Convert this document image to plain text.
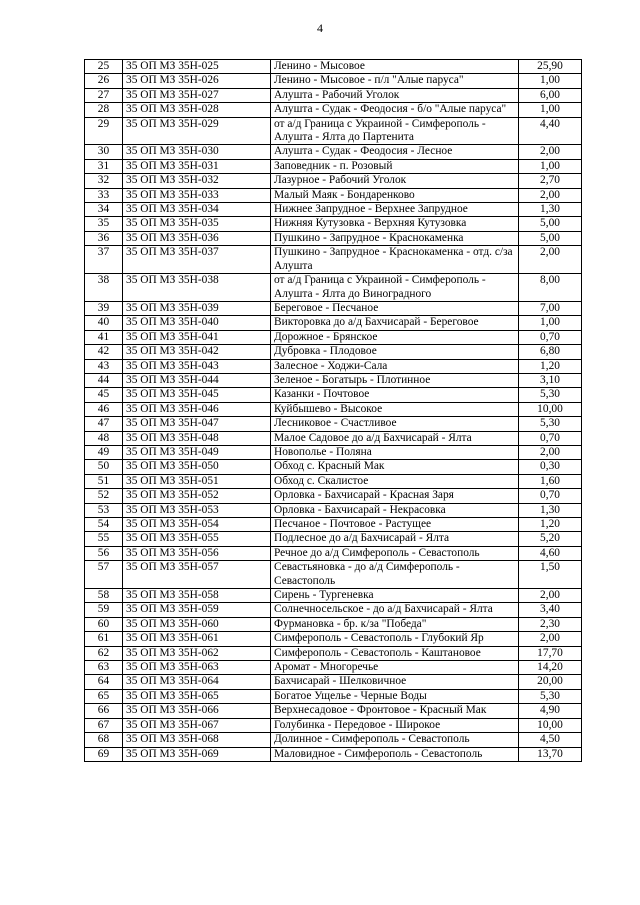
4
25	35 ОП МЗ 35Н-025	Ленино - Мысовое	25,90
26	35 ОП МЗ 35Н-026	Ленино - Мысовое - п/л "Алые паруса"	1,00
27	35 ОП МЗ 35Н-027	Алушта - Рабочий Уголок	6,00
28	35 ОП МЗ 35Н-028	Алушта - Судак - Феодосия - б/о "Алые паруса"	1,00
29	35 ОП МЗ 35Н-029	от а/д Граница с Украиной - Симферополь - Алушта - Ялта до Партенита	4,40
30	35 ОП МЗ 35Н-030	Алушта - Судак - Феодосия - Лесное	2,00
31	35 ОП МЗ 35Н-031	Заповедник - п. Розовый	1,00
32	35 ОП МЗ 35Н-032	Лазурное - Рабочий Уголок	2,70
33	35 ОП МЗ 35Н-033	Малый Маяк - Бондаренково	2,00
34	35 ОП МЗ 35Н-034	Нижнее Запрудное - Верхнее Запрудное	1,30
35	35 ОП МЗ 35Н-035	Нижняя Кутузовка - Верхняя Кутузовка	5,00
36	35 ОП МЗ 35Н-036	Пушкино - Запрудное - Краснокаменка	5,00
37	35 ОП МЗ 35Н-037	Пушкино - Запрудное - Краснокаменка - отд. с/за Алушта	2,00
38	35 ОП МЗ 35Н-038	от а/д Граница с Украиной - Симферополь - Алушта - Ялта до Виноградного	8,00
39	35 ОП МЗ 35Н-039	Береговое - Песчаное	7,00
40	35 ОП МЗ 35Н-040	Викторовка до а/д Бахчисарай - Береговое	1,00
41	35 ОП МЗ 35Н-041	Дорожное - Брянское	0,70
42	35 ОП МЗ 35Н-042	Дубровка - Плодовое	6,80
43	35 ОП МЗ 35Н-043	Залесное - Ходжи-Сала	1,20
44	35 ОП МЗ 35Н-044	Зеленое - Богатырь - Плотинное	3,10
45	35 ОП МЗ 35Н-045	Казанки - Почтовое	5,30
46	35 ОП МЗ 35Н-046	Куйбышево - Высокое	10,00
47	35 ОП МЗ 35Н-047	Лесниковое - Счастливое	5,30
48	35 ОП МЗ 35Н-048	Малое Садовое до а/д Бахчисарай - Ялта	0,70
49	35 ОП МЗ 35Н-049	Новополье - Поляна	2,00
50	35 ОП МЗ 35Н-050	Обход с. Красный Мак	0,30
51	35 ОП МЗ 35Н-051	Обход с. Скалистое	1,60
52	35 ОП МЗ 35Н-052	Орловка - Бахчисарай - Красная Заря	0,70
53	35 ОП МЗ 35Н-053	Орловка - Бахчисарай - Некрасовка	1,30
54	35 ОП МЗ 35Н-054	Песчаное - Почтовое - Растущее	1,20
55	35 ОП МЗ 35Н-055	Подлесное до а/д Бахчисарай - Ялта	5,20
56	35 ОП МЗ 35Н-056	Речное до а/д Симферополь - Севастополь	4,60
57	35 ОП МЗ 35Н-057	Севастьяновка - до а/д Симферополь - Севастополь	1,50
58	35 ОП МЗ 35Н-058	Сирень - Тургеневка	2,00
59	35 ОП МЗ 35Н-059	Солнечносельское - до а/д Бахчисарай - Ялта	3,40
60	35 ОП МЗ 35Н-060	Фурмановка - бр. к/за "Победа"	2,30
61	35 ОП МЗ 35Н-061	Симферополь - Севастополь - Глубокий Яр	2,00
62	35 ОП МЗ 35Н-062	Симферополь - Севастополь - Каштановое	17,70
63	35 ОП МЗ 35Н-063	Аромат - Многоречье	14,20
64	35 ОП МЗ 35Н-064	Бахчисарай - Шелковичное	20,00
65	35 ОП МЗ 35Н-065	Богатое Ущелье - Черные Воды	5,30
66	35 ОП МЗ 35Н-066	Верхнесадовое - Фронтовое - Красный Мак	4,90
67	35 ОП МЗ 35Н-067	Голубинка - Передовое - Широкое	10,00
68	35 ОП МЗ 35Н-068	Долинное - Симферополь - Севастополь	4,50
69	35 ОП МЗ 35Н-069	Маловидное - Симферополь - Севастополь	13,70
